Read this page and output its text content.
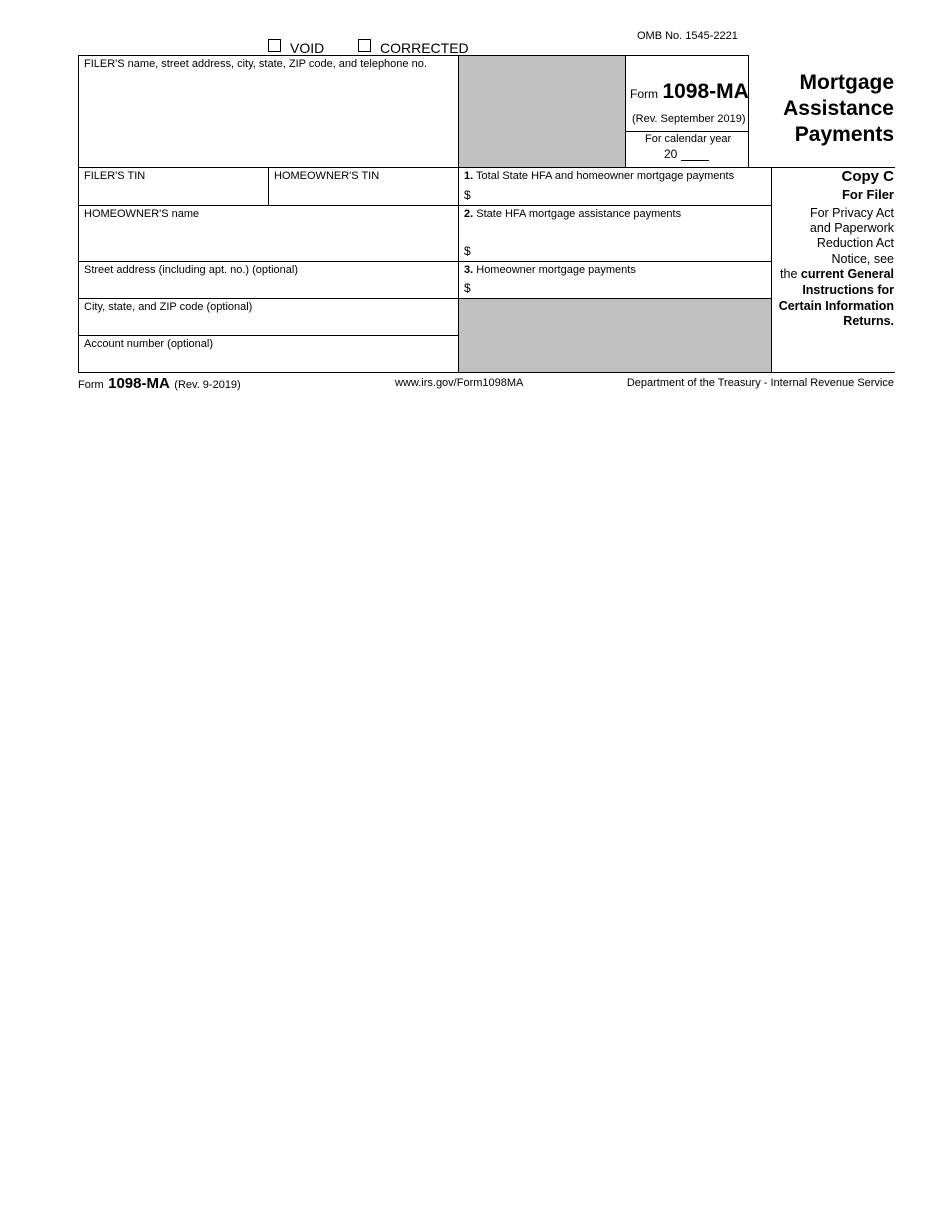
VOID	CORRECTED
FILER'S name, street address, city, state, ZIP code, and telephone no.
OMB No. 1545-2221
Form 1098-MA
(Rev. September 2019)
For calendar year
20
Mortgage
Assistance
Payments
FILER'S TIN	HOMEOWNER'S TIN	1. Total State HFA and homeowner mortgage payments
$
HOMEOWNER'S name	2. State HFA mortgage assistance payments
$
Street address (including apt. no.) (optional)	3. Homeowner mortgage payments
$
City, state, and ZIP code (optional)
Account number (optional)
Copy C
For Filer
For Privacy Act
and Paperwork
Reduction Act
Notice, see
the current General
Instructions for
Certain Information
Returns.
Form 1098-MA (Rev. 9-2019)	www.irs.gov/Form1098MA	Department of the Treasury - Internal Revenue Service
